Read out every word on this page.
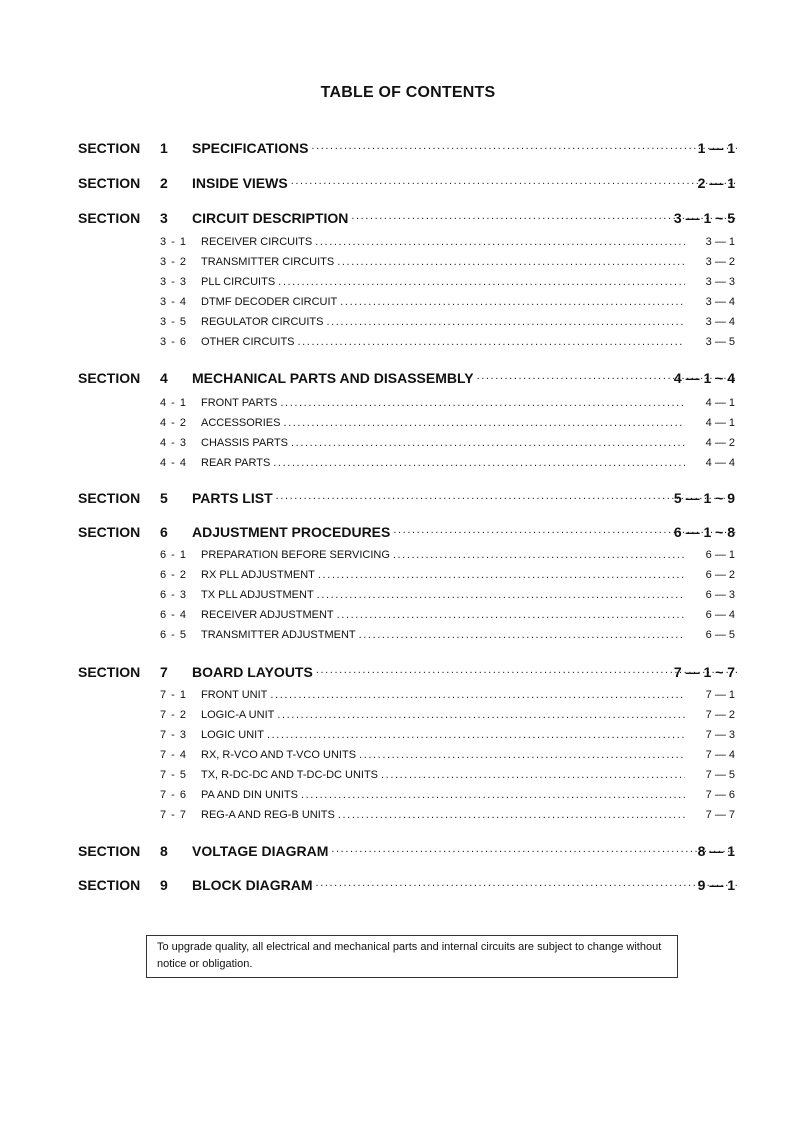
TABLE OF CONTENTS
SECTION 1 SPECIFICATIONS .....	1 — 1
SECTION 2 INSIDE VIEWS .....	2 — 1
SECTION 3 CIRCUIT DESCRIPTION .....	3 — 1 ~ 5
3 - 1 RECEIVER CIRCUITS .....	3 — 1
3 - 2 TRANSMITTER CIRCUITS .....	3 — 2
3 - 3 PLL CIRCUITS .....	3 — 3
3 - 4 DTMF DECODER CIRCUIT .....	3 — 4
3 - 5 REGULATOR CIRCUITS .....	3 — 4
3 - 6 OTHER CIRCUITS .....	3 — 5
SECTION 4 MECHANICAL PARTS AND DISASSEMBLY .....	4 — 1 ~ 4
4 - 1 FRONT PARTS .....	4 — 1
4 - 2 ACCESSORIES .....	4 — 1
4 - 3 CHASSIS PARTS .....	4 — 2
4 - 4 REAR PARTS .....	4 — 4
SECTION 5 PARTS LIST .....	5 — 1 ~ 9
SECTION 6 ADJUSTMENT PROCEDURES .....	6 — 1 ~ 8
6 - 1 PREPARATION BEFORE SERVICING .....	6 — 1
6 - 2 RX PLL ADJUSTMENT .....	6 — 2
6 - 3 TX PLL ADJUSTMENT .....	6 — 3
6 - 4 RECEIVER ADJUSTMENT .....	6 — 4
6 - 5 TRANSMITTER ADJUSTMENT .....	6 — 5
SECTION 7 BOARD LAYOUTS .....	7 — 1 ~ 7
7 - 1 FRONT UNIT .....	7 — 1
7 - 2 LOGIC-A UNIT .....	7 — 2
7 - 3 LOGIC UNIT .....	7 — 3
7 - 4 RX, R-VCO AND T-VCO UNITS .....	7 — 4
7 - 5 TX, R-DC-DC AND T-DC-DC UNITS .....	7 — 5
7 - 6 PA AND DIN UNITS .....	7 — 6
7 - 7 REG-A AND REG-B UNITS .....	7 — 7
SECTION 8 VOLTAGE DIAGRAM .....	8 — 1
SECTION 9 BLOCK DIAGRAM .....	9 — 1
To upgrade quality, all electrical and mechanical parts and internal circuits are subject to change without notice or obligation.
